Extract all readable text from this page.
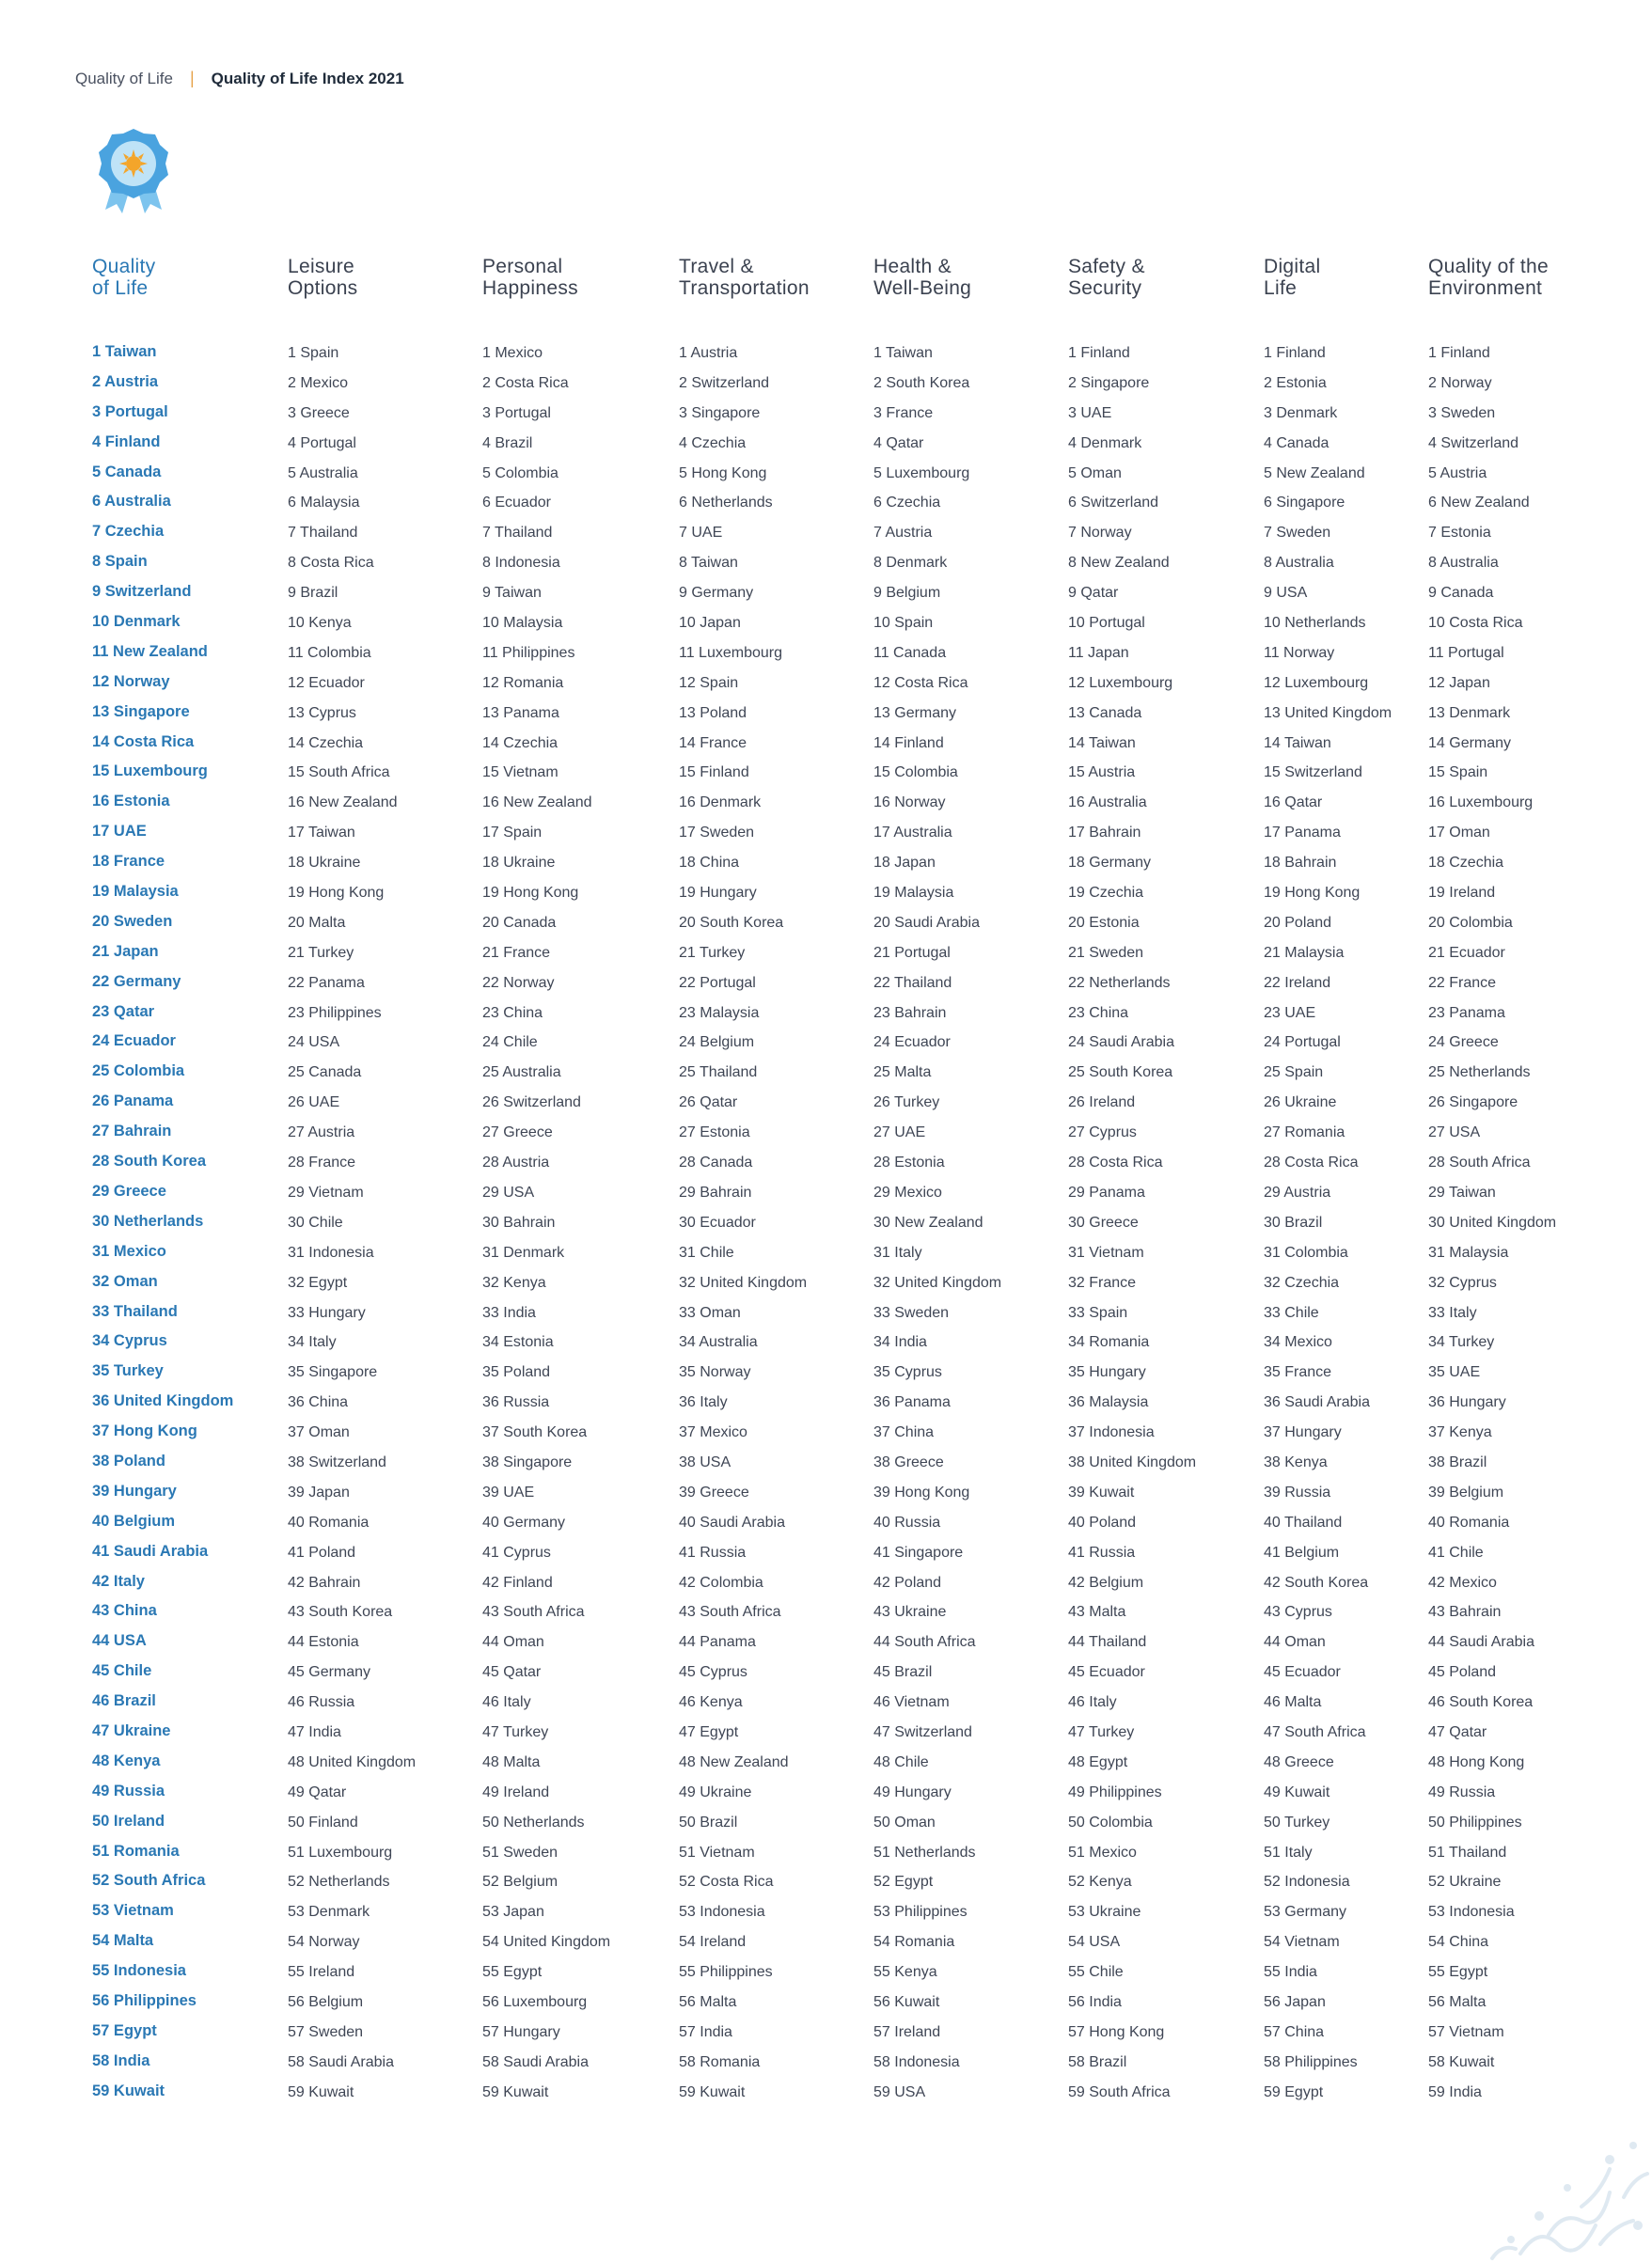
Quality of Life | Quality of Life Index 2021
Quality
of Life
1 Taiwan
2 Austria
3 Portugal
4 Finland
5 Canada
6 Australia
7 Czechia
8 Spain
9 Switzerland
10 Denmark
11 New Zealand
12 Norway
13 Singapore
14 Costa Rica
15 Luxembourg
16 Estonia
17 UAE
18 France
19 Malaysia
20 Sweden
21 Japan
22 Germany
23 Qatar
24 Ecuador
25 Colombia
26 Panama
27 Bahrain
28 South Korea
29 Greece
30 Netherlands
31 Mexico
32 Oman
33 Thailand
34 Cyprus
35 Turkey
36 United Kingdom
37 Hong Kong
38 Poland
39 Hungary
40 Belgium
41 Saudi Arabia
42 Italy
43 China
44 USA
45 Chile
46 Brazil
47 Ukraine
48 Kenya
49 Russia
50 Ireland
51 Romania
52 South Africa
53 Vietnam
54 Malta
55 Indonesia
56 Philippines
57 Egypt
58 India
59 Kuwait
Leisure
Options
1 Spain
2 Mexico
3 Greece
4 Portugal
5 Australia
6 Malaysia
7 Thailand
8 Costa Rica
9 Brazil
10 Kenya
11 Colombia
12 Ecuador
13 Cyprus
14 Czechia
15 South Africa
16 New Zealand
17 Taiwan
18 Ukraine
19 Hong Kong
20 Malta
21 Turkey
22 Panama
23 Philippines
24 USA
25 Canada
26 UAE
27 Austria
28 France
29 Vietnam
30 Chile
31 Indonesia
32 Egypt
33 Hungary
34 Italy
35 Singapore
36 China
37 Oman
38 Switzerland
39 Japan
40 Romania
41 Poland
42 Bahrain
43 South Korea
44 Estonia
45 Germany
46 Russia
47 India
48 United Kingdom
49 Qatar
50 Finland
51 Luxembourg
52 Netherlands
53 Denmark
54 Norway
55 Ireland
56 Belgium
57 Sweden
58 Saudi Arabia
59 Kuwait
Personal
Happiness
1 Mexico
2 Costa Rica
3 Portugal
4 Brazil
5 Colombia
6 Ecuador
7 Thailand
8 Indonesia
9 Taiwan
10 Malaysia
11 Philippines
12 Romania
13 Panama
14 Czechia
15 Vietnam
16 New Zealand
17 Spain
18 Ukraine
19 Hong Kong
20 Canada
21 France
22 Norway
23 China
24 Chile
25 Australia
26 Switzerland
27 Greece
28 Austria
29 USA
30 Bahrain
31 Denmark
32 Kenya
33 India
34 Estonia
35 Poland
36 Russia
37 South Korea
38 Singapore
39 UAE
40 Germany
41 Cyprus
42 Finland
43 South Africa
44 Oman
45 Qatar
46 Italy
47 Turkey
48 Malta
49 Ireland
50 Netherlands
51 Sweden
52 Belgium
53 Japan
54 United Kingdom
55 Egypt
56 Luxembourg
57 Hungary
58 Saudi Arabia
59 Kuwait
Travel &
Transportation
1 Austria
2 Switzerland
3 Singapore
4 Czechia
5 Hong Kong
6 Netherlands
7 UAE
8 Taiwan
9 Germany
10 Japan
11 Luxembourg
12 Spain
13 Poland
14 France
15 Finland
16 Denmark
17 Sweden
18 China
19 Hungary
20 South Korea
21 Turkey
22 Portugal
23 Malaysia
24 Belgium
25 Thailand
26 Qatar
27 Estonia
28 Canada
29 Bahrain
30 Ecuador
31 Chile
32 United Kingdom
33 Oman
34 Australia
35 Norway
36 Italy
37 Mexico
38 USA
39 Greece
40 Saudi Arabia
41 Russia
42 Colombia
43 South Africa
44 Panama
45 Cyprus
46 Kenya
47 Egypt
48 New Zealand
49 Ukraine
50 Brazil
51 Vietnam
52 Costa Rica
53 Indonesia
54 Ireland
55 Philippines
56 Malta
57 India
58 Romania
59 Kuwait
Health &
Well-Being
1 Taiwan
2 South Korea
3 France
4 Qatar
5 Luxembourg
6 Czechia
7 Austria
8 Denmark
9 Belgium
10 Spain
11 Canada
12 Costa Rica
13 Germany
14 Finland
15 Colombia
16 Norway
17 Australia
18 Japan
19 Malaysia
20 Saudi Arabia
21 Portugal
22 Thailand
23 Bahrain
24 Ecuador
25 Malta
26 Turkey
27 UAE
28 Estonia
29 Mexico
30 New Zealand
31 Italy
32 United Kingdom
33 Sweden
34 India
35 Cyprus
36 Panama
37 China
38 Greece
39 Hong Kong
40 Russia
41 Singapore
42 Poland
43 Ukraine
44 South Africa
45 Brazil
46 Vietnam
47 Switzerland
48 Chile
49 Hungary
50 Oman
51 Netherlands
52 Egypt
53 Philippines
54 Romania
55 Kenya
56 Kuwait
57 Ireland
58 Indonesia
59 USA
Safety &
Security
1 Finland
2 Singapore
3 UAE
4 Denmark
5 Oman
6 Switzerland
7 Norway
8 New Zealand
9 Qatar
10 Portugal
11 Japan
12 Luxembourg
13 Canada
14 Taiwan
15 Austria
16 Australia
17 Bahrain
18 Germany
19 Czechia
20 Estonia
21 Sweden
22 Netherlands
23 China
24 Saudi Arabia
25 South Korea
26 Ireland
27 Cyprus
28 Costa Rica
29 Panama
30 Greece
31 Vietnam
32 France
33 Spain
34 Romania
35 Hungary
36 Malaysia
37 Indonesia
38 United Kingdom
39 Kuwait
40 Poland
41 Russia
42 Belgium
43 Malta
44 Thailand
45 Ecuador
46 Italy
47 Turkey
48 Egypt
49 Philippines
50 Colombia
51 Mexico
52 Kenya
53 Ukraine
54 USA
55 Chile
56 India
57 Hong Kong
58 Brazil
59 South Africa
Digital
Life
1 Finland
2 Estonia
3 Denmark
4 Canada
5 New Zealand
6 Singapore
7 Sweden
8 Australia
9 USA
10 Netherlands
11 Norway
12 Luxembourg
13 United Kingdom
14 Taiwan
15 Switzerland
16 Qatar
17 Panama
18 Bahrain
19 Hong Kong
20 Poland
21 Malaysia
22 Ireland
23 UAE
24 Portugal
25 Spain
26 Ukraine
27 Romania
28 Costa Rica
29 Austria
30 Brazil
31 Colombia
32 Czechia
33 Chile
34 Mexico
35 France
36 Saudi Arabia
37 Hungary
38 Kenya
39 Russia
40 Thailand
41 Belgium
42 South Korea
43 Cyprus
44 Oman
45 Ecuador
46 Malta
47 South Africa
48 Greece
49 Kuwait
50 Turkey
51 Italy
52 Indonesia
53 Germany
54 Vietnam
55 India
56 Japan
57 China
58 Philippines
59 Egypt
Quality of the
Environment
1 Finland
2 Norway
3 Sweden
4 Switzerland
5 Austria
6 New Zealand
7 Estonia
8 Australia
9 Canada
10 Costa Rica
11 Portugal
12 Japan
13 Denmark
14 Germany
15 Spain
16 Luxembourg
17 Oman
18 Czechia
19 Ireland
20 Colombia
21 Ecuador
22 France
23 Panama
24 Greece
25 Netherlands
26 Singapore
27 USA
28 South Africa
29 Taiwan
30 United Kingdom
31 Malaysia
32 Cyprus
33 Italy
34 Turkey
35 UAE
36 Hungary
37 Kenya
38 Brazil
39 Belgium
40 Romania
41 Chile
42 Mexico
43 Bahrain
44 Saudi Arabia
45 Poland
46 South Korea
47 Qatar
48 Hong Kong
49 Russia
50 Philippines
51 Thailand
52 Ukraine
53 Indonesia
54 China
55 Egypt
56 Malta
57 Vietnam
58 Kuwait
59 India
